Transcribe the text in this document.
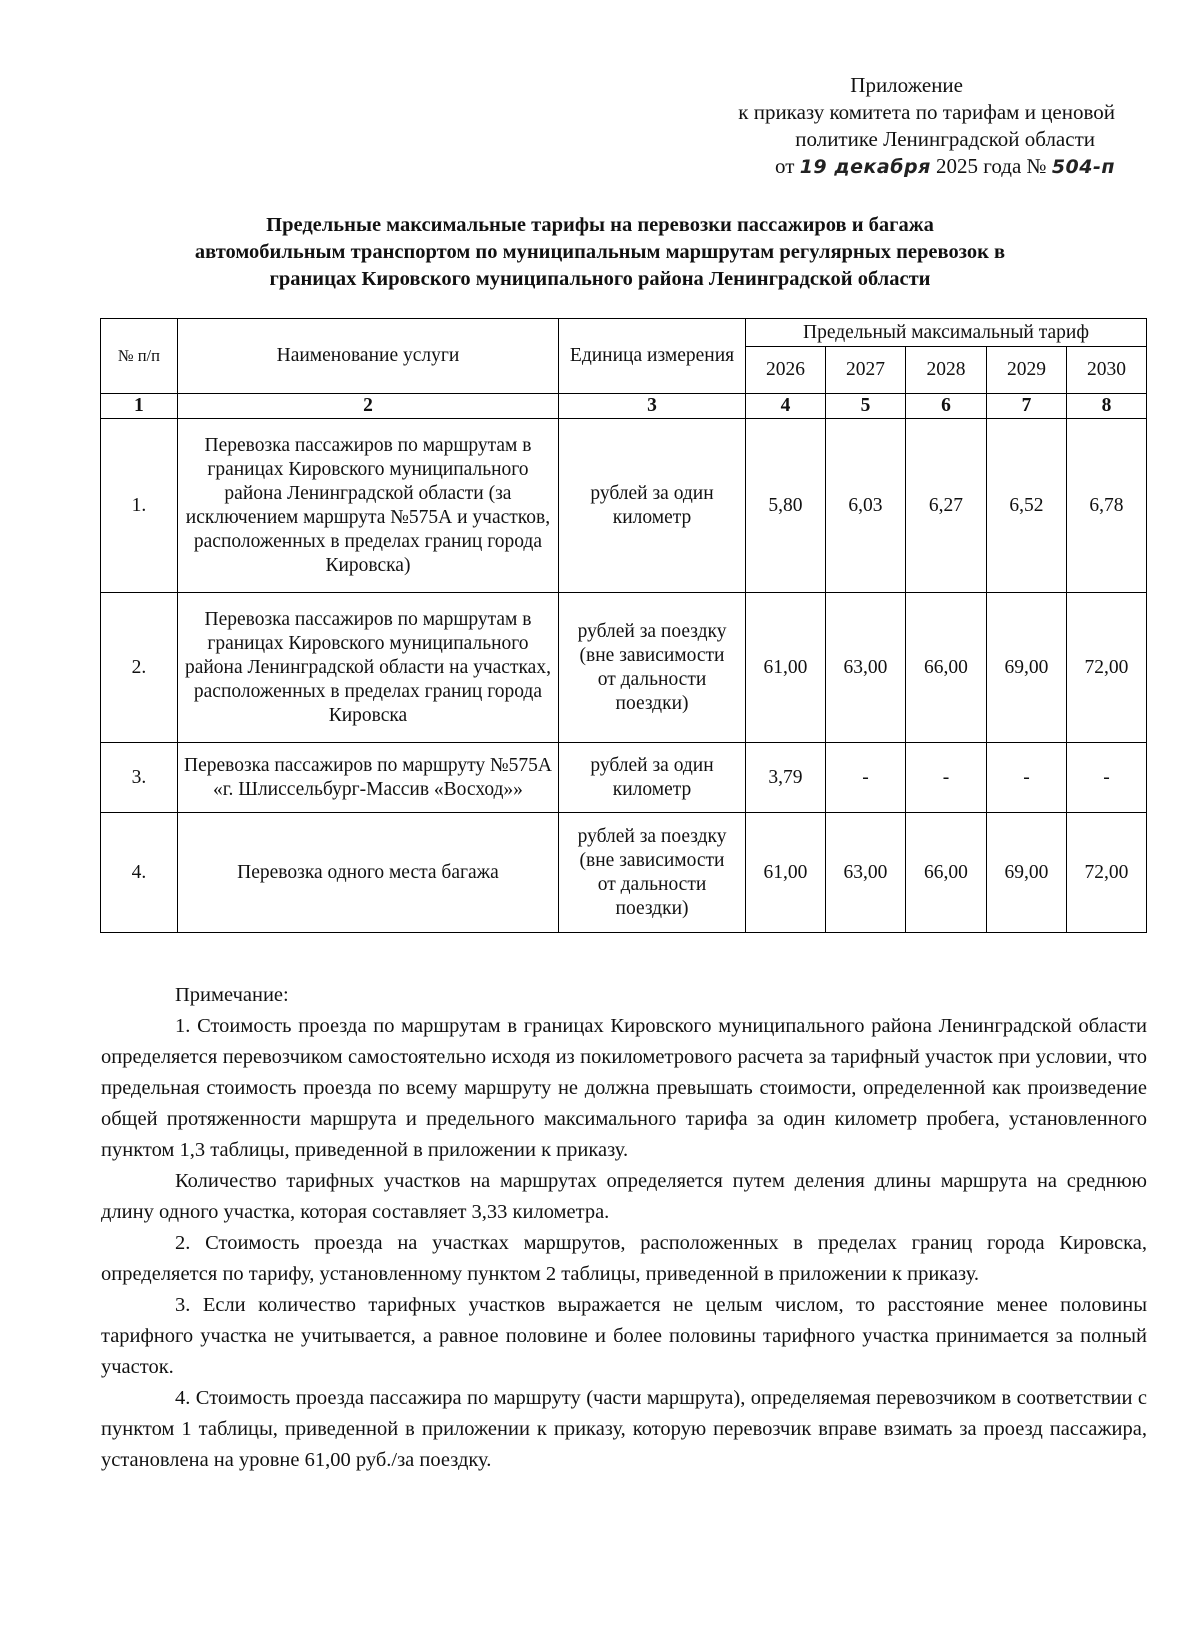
Приложение
к приказу комитета по тарифам и ценовой
политике Ленинградской области
от 19 декабря 2025 года № 504-п
Предельные максимальные тарифы на перевозки пассажиров и багажа
автомобильным транспортом по муниципальным маршрутам регулярных перевозок в
границах Кировского муниципального района Ленинградской области
№ п/п	Наименование услуги	Единица измерения	Предельный максимальный тариф				
			2026	2027	2028	2029	2030
1	2	3	4	5	6	7	8
1.	Перевозка пассажиров по маршрутам в границах Кировского муниципального района Ленинградской области (за исключением маршрута №575А и участков, расположенных в пределах границ города Кировска)	рублей за один километр	5,80	6,03	6,27	6,52	6,78
2.	Перевозка пассажиров по маршрутам в границах Кировского муниципального района Ленинградской области на участках, расположенных в пределах границ города Кировска	рублей за поездку (вне зависимости от дальности поездки)	61,00	63,00	66,00	69,00	72,00
3.	Перевозка пассажиров по маршруту №575А «г. Шлиссельбург-Массив «Восход»»	рублей за один километр	3,79	-	-	-	-
4.	Перевозка одного места багажа	рублей за поездку (вне зависимости от дальности поездки)	61,00	63,00	66,00	69,00	72,00

Примечание:

1. Стоимость проезда по маршрутам в границах Кировского муниципального района Ленинградской области определяется перевозчиком самостоятельно исходя из покилометрового расчета за тарифный участок при условии, что предельная стоимость проезда по всему маршруту не должна превышать стоимости, определенной как произведение общей протяженности маршрута и предельного максимального тарифа за один километр пробега, установленного пунктом 1,3 таблицы, приведенной в приложении к приказу.

Количество тарифных участков на маршрутах определяется путем деления длины маршрута на среднюю длину одного участка, которая составляет 3,33 километра.

2. Стоимость проезда на участках маршрутов, расположенных в пределах границ города Кировска, определяется по тарифу, установленному пунктом 2 таблицы, приведенной в приложении к приказу.

3. Если количество тарифных участков выражается не целым числом, то расстояние менее половины тарифного участка не учитывается, а равное половине и более половины тарифного участка принимается за полный участок.

4. Стоимость проезда пассажира по маршруту (части маршрута), определяемая перевозчиком в соответствии с пунктом 1 таблицы, приведенной в приложении к приказу, которую перевозчик вправе взимать за проезд пассажира, установлена на уровне 61,00 руб./за поездку.
